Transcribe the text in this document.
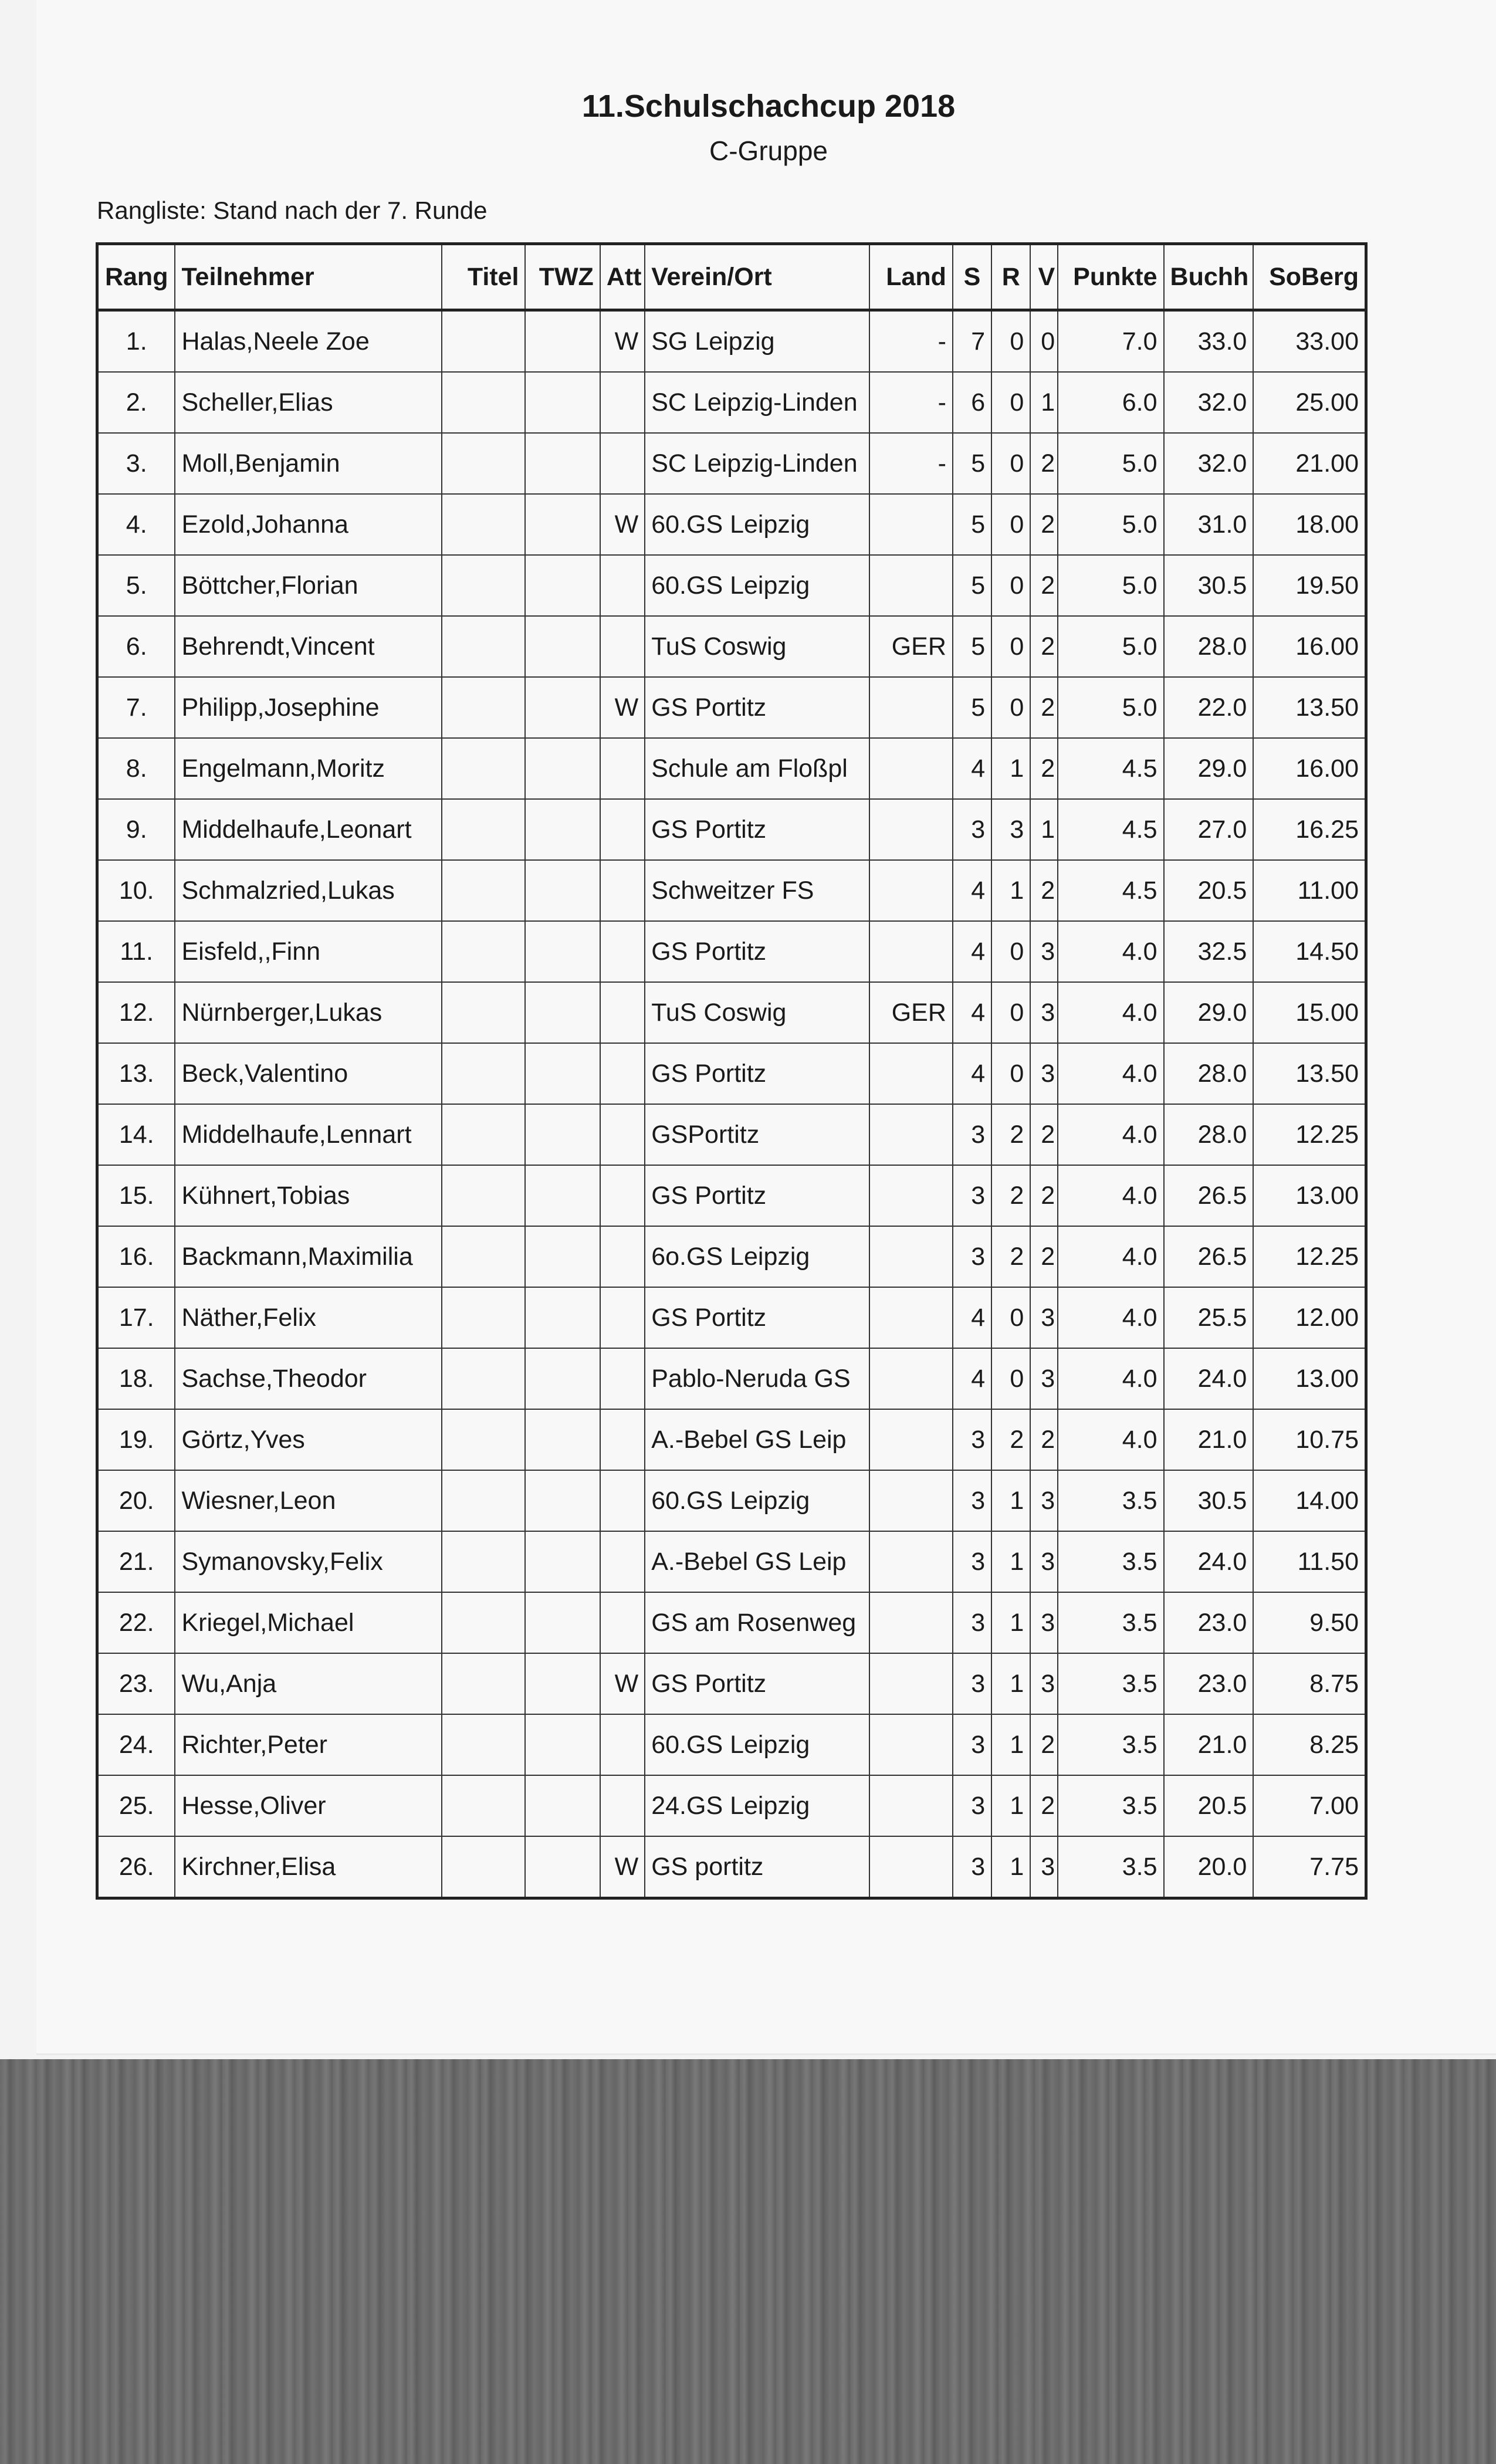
11.Schulschachcup 2018
C-Gruppe
Rangliste: Stand nach der 7. Runde
Rang	Teilnehmer	Titel	TWZ	Att	Verein/Ort	Land	S	R	V	Punkte	Buchh	SoBerg
1.	Halas,Neele Zoe			W	SG Leipzig	-	7	0	0	7.0	33.0	33.00
2.	Scheller,Elias				SC Leipzig-Linden	-	6	0	1	6.0	32.0	25.00
3.	Moll,Benjamin				SC Leipzig-Linden	-	5	0	2	5.0	32.0	21.00
4.	Ezold,Johanna			W	60.GS Leipzig		5	0	2	5.0	31.0	18.00
5.	Böttcher,Florian				60.GS Leipzig		5	0	2	5.0	30.5	19.50
6.	Behrendt,Vincent				TuS Coswig	GER	5	0	2	5.0	28.0	16.00
7.	Philipp,Josephine			W	GS Portitz		5	0	2	5.0	22.0	13.50
8.	Engelmann,Moritz				Schule am Floßpl		4	1	2	4.5	29.0	16.00
9.	Middelhaufe,Leonart				GS Portitz		3	3	1	4.5	27.0	16.25
10.	Schmalzried,Lukas				Schweitzer FS		4	1	2	4.5	20.5	11.00
11.	Eisfeld,,Finn				GS Portitz		4	0	3	4.0	32.5	14.50
12.	Nürnberger,Lukas				TuS Coswig	GER	4	0	3	4.0	29.0	15.00
13.	Beck,Valentino				GS Portitz		4	0	3	4.0	28.0	13.50
14.	Middelhaufe,Lennart				GSPortitz		3	2	2	4.0	28.0	12.25
15.	Kühnert,Tobias				GS Portitz		3	2	2	4.0	26.5	13.00
16.	Backmann,Maximilia				6o.GS Leipzig		3	2	2	4.0	26.5	12.25
17.	Näther,Felix				GS Portitz		4	0	3	4.0	25.5	12.00
18.	Sachse,Theodor				Pablo-Neruda GS		4	0	3	4.0	24.0	13.00
19.	Görtz,Yves				A.-Bebel GS Leip		3	2	2	4.0	21.0	10.75
20.	Wiesner,Leon				60.GS Leipzig		3	1	3	3.5	30.5	14.00
21.	Symanovsky,Felix				A.-Bebel GS Leip		3	1	3	3.5	24.0	11.50
22.	Kriegel,Michael				GS am Rosenweg		3	1	3	3.5	23.0	9.50
23.	Wu,Anja			W	GS Portitz		3	1	3	3.5	23.0	8.75
24.	Richter,Peter				60.GS Leipzig		3	1	2	3.5	21.0	8.25
25.	Hesse,Oliver				24.GS Leipzig		3	1	2	3.5	20.5	7.00
26.	Kirchner,Elisa			W	GS portitz		3	1	3	3.5	20.0	7.75
